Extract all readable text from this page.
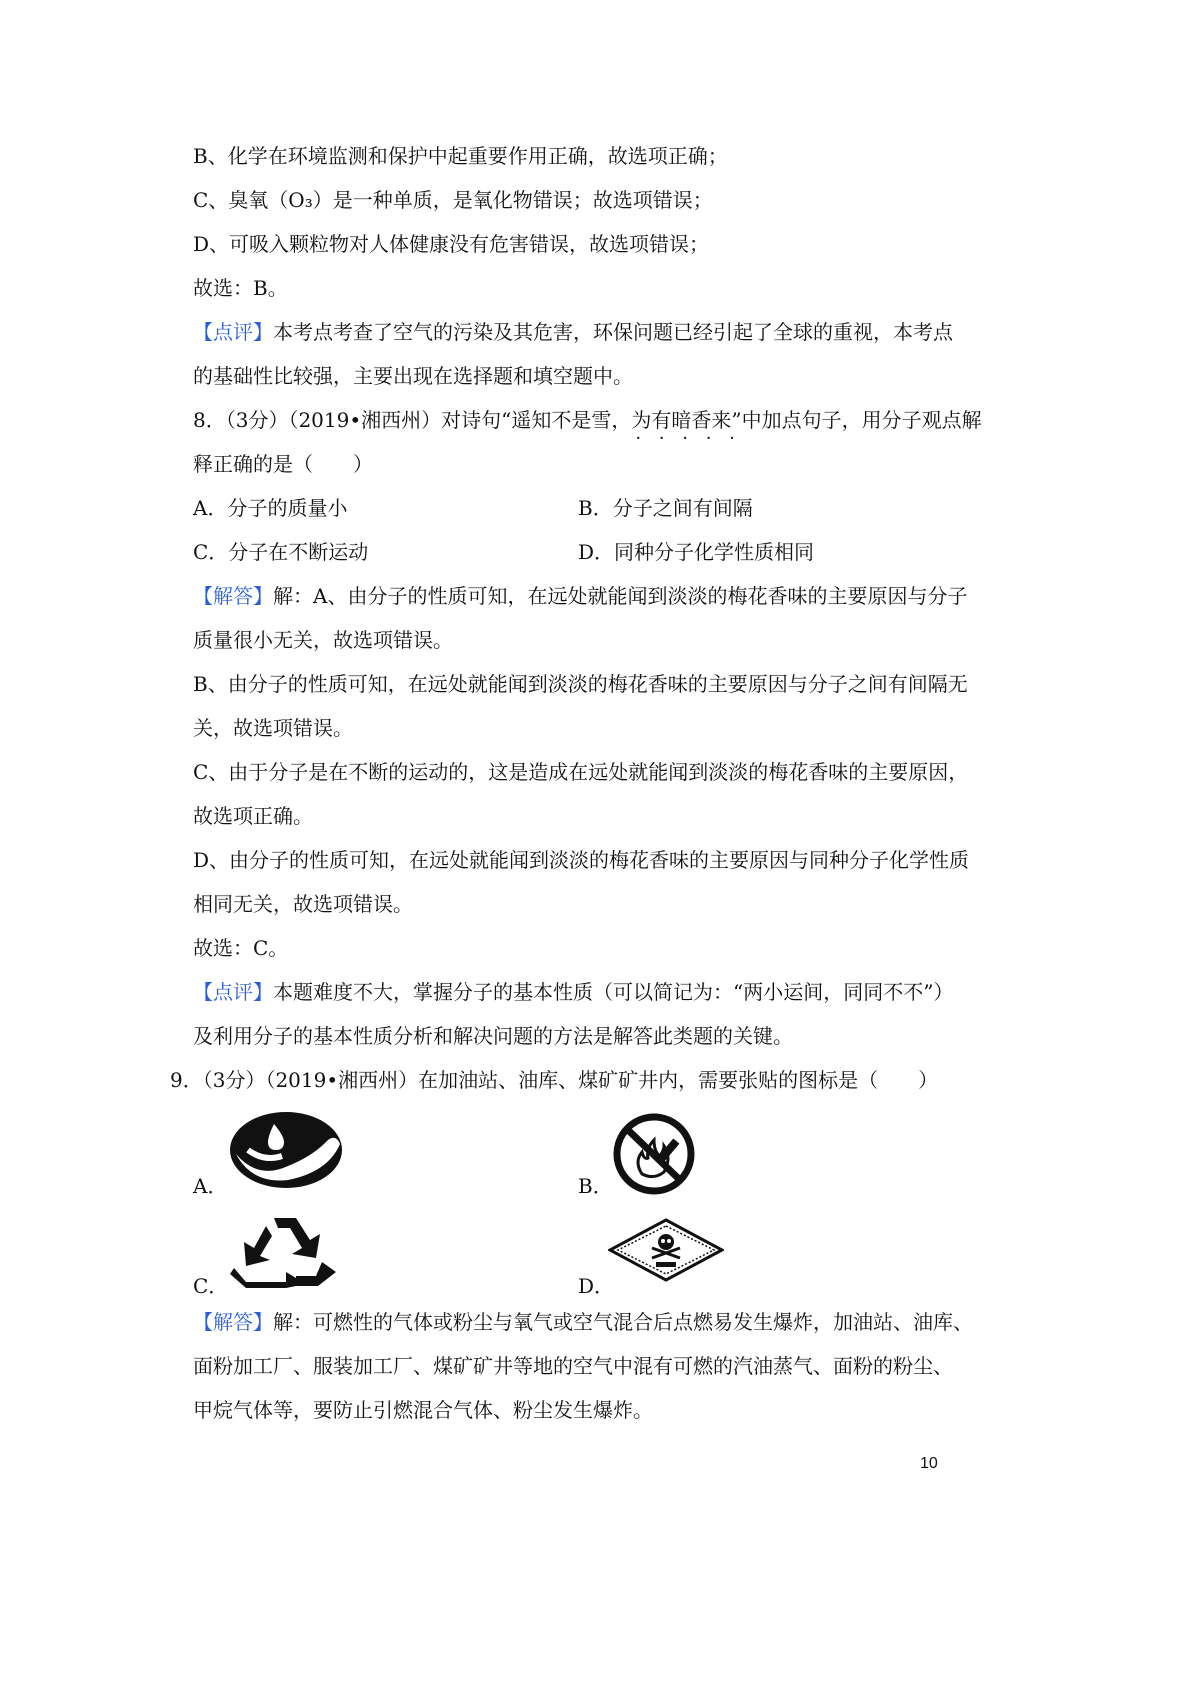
B、化学在环境监测和保护中起重要作用正确，故选项正确；
C、臭氧（O₃）是一种单质，是氧化物错误；故选项错误；
D、可吸入颗粒物对人体健康没有危害错误，故选项错误；
故选：B。
【点评】本考点考查了空气的污染及其危害，环保问题已经引起了全球的重视，本考点
的基础性比较强，主要出现在选择题和填空题中。
8．（3分）（2019•湘西州）对诗句“遥知不是雪，为有暗香来 · · ·”中加点句子，用分子观点解
释正确的是（　　）
A．分子的质量小	B．分子之间有间隔
C．分子在不断运动	D．同种分子化学性质相同
【解答】解：A、由分子的性质可知，在远处就能闻到淡淡的梅花香味的主要原因与分子
质量很小无关，故选项错误。
B、由分子的性质可知，在远处就能闻到淡淡的梅花香味的主要原因与分子之间有间隔无
关，故选项错误。
C、由于分子是在不断的运动的，这是造成在远处就能闻到淡淡的梅花香味的主要原因，
故选项正确。
D、由分子的性质可知，在远处就能闻到淡淡的梅花香味的主要原因与同种分子化学性质
相同无关，故选项错误。
故选：C。
【点评】本题难度不大，掌握分子的基本性质（可以简记为：“两小运间，同同不不”）
及利用分子的基本性质分析和解决问题的方法是解答此类题的关键。
9．（3分）（2019•湘西州）在加油站、油库、煤矿矿井内，需要张贴的图标是（　　）
A．	B．
C．	D．
【解答】解：可燃性的气体或粉尘与氧气或空气混合后点燃易发生爆炸，加油站、油库、
面粉加工厂、服装加工厂、煤矿矿井等地的空气中混有可燃的汽油蒸气、面粉的粉尘、
甲烷气体等，要防止引燃混合气体、粉尘发生爆炸。
10
